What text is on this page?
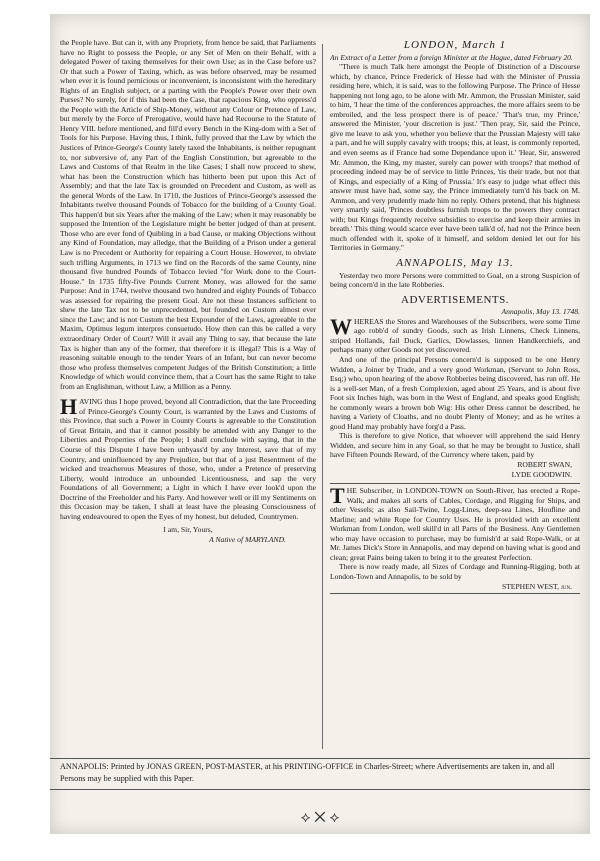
the People have. But can it, with any Propriety, from hence be said, that Parliaments have no Right to possess the People, or any Set of Men on their Behalf, with a delegated Power of taxing themselves for their own Use; as in the Case before us? Or that such a Power of Taxing, which, as was before observed, may be resumed when ever it is found pernicious or inconvenient, is inconsistent with the hereditary Rights of an English subject, or a parting with the People's Power over their own Purses? No surely, for if this had been the Case, that rapacious King, who oppress'd the People with the Article of Ship-Money, without any Colour or Pretence of Law, but merely by the Force of Prerogative, would have had Recourse to the Statute of Henry VIII. before mentioned, and fill'd every Bench in the King-dom with a Set of Tools for his Purpose. Having thus, I think, fully proved that the Law by which the Justices of Prince-George's County lately taxed the Inhabitants, is neither repugnant to, nor subversive of, any Part of the English Constitution, but agreeable to the Laws and Customs of that Realm in the like Cases; I shall now proceed to shew, what has been the Construction which has hitherto been put upon this Act of Assembly; and that the late Tax is grounded on Precedent and Custom, as well as the general Words of the Law. In 1710, the Justices of Prince-George's assessed the Inhabitants twelve thousand Pounds of Tobacco for the building of a County Goal. This happen'd but six Years after the making of the Law; when it may reasonably be supposed the Intention of the Legislature might be better judged of than at present. Those who are ever fond of Quibling in a bad Cause, or making Objections without any Kind of Foundation, may alledge, that the Building of a Prison under a general Law is no Precedent or Authority for repairing a Court House. However, to obviate such trifling Arguments, in 1713 we find on the Records of the same County, nine thousand five hundred Pounds of Tobacco levied "for Work done to the Court-House." In 1735 fifty-five Pounds Current Money, was allowed for the same Purpose: And in 1744, twelve thousand two hundred and eighty Pounds of Tobacco was assessed for repairing the present Goal. Are not these Instances sufficient to shew the late Tax not to be unprecedented, but founded on Custom almost ever since the Law; and is not Custom the best Expounder of the Laws, agreeable to the Maxim, Optimus legum interpres consuetudo. How then can this be called a very extraordinary Order of Court? Will it avail any Thing to say, that because the late Tax is higher than any of the former, that therefore it is illegal? This is a Way of reasoning suitable enough to the tender Years of an Infant, but can never become those who profess themselves competent Judges of the British Constitution; a little Knowledge of which would convince them, that a Court has the same Right to take from an Englishman, without Law, a Million as a Penny.

HAVING thus I hope proved, beyond all Contradiction, that the late Proceeding of Prince-George's County Court, is warranted by the Laws and Customs of this Province, that such a Power in County Courts is agreeable to the Constitution of Great Britain, and that it cannot possibly be attended with any Danger to the Liberties and Properties of the People; I shall conclude with saying, that in the Course of this Dispute I have been unbyass'd by any Interest, save that of my Country, and uninfluenced by any Prejudice, but that of a just Resentment of the wicked and treacherous Measures of those, who, under a Pretence of preserving Liberty, would introduce an unbounded Licentiousness, and sap the very Foundations of all Government; a Light in which I have ever look'd upon the Doctrine of the Freeholder and his Party. And however well or ill my Sentiments on this Occasion may be taken, I shall at least have the pleasing Consciousness of having endeavoured to open the Eyes of my honest, but deluded, Countrymen.

I am, Sir, Yours,
A Native of MARYLAND.
LONDON, March 1

An Extract of a Letter from a foreign Minister at the Hague, dated February 20.

"There is much Talk here amongst the People of Distinction of a Discourse which, by chance, Prince Frederick of Hesse had with the Minister of Prussia residing here, which, it is said, was to the following Purpose. The Prince of Hesse happening not long ago, to be alone with Mr. Ammon, the Prussian Minister, said to him, 'I hear the time of the conferences approaches, the more affairs seem to be embroiled, and the less prospect there is of peace.' 'That's true, my Prince,' answered the Minister, 'your discretion is just.' 'Then pray, Sir, said the Prince, give me leave to ask you, whether you believe that the Prussian Majesty will take a part, and he will supply cavalry with troops; this, at least, is commonly reported, and even seems as if France had some Dependance upon it.' 'Hear, Sir, answered Mr. Ammon, the King, my master, surely can power with troops? that method of proceeding indeed may be of service to little Princes, 'tis their trade, but not that of Kings, and especially of a King of Prussia.' It's easy to judge what effect this answer must have had, some say, the Prince immediately turn'd his back on M. Ammon, and very prudently made him no reply. Others pretend, that his highness very smartly said, 'Princes doubtless furnish troops to the powers they contract with; but Kings frequently receive subsidies to exercise and keep their armies in breath.' This thing would scarce ever have been talk'd of, had not the Prince been much offended with it, spoke of it himself, and seldom denied let out for his Territories in Germany."

ANNAPOLIS, May 13.

Yesterday two more Persons were committed to Goal, on a strong Suspicion of being concern'd in the late Robberies.

ADVERTISEMENTS.
Annapolis, May 13. 1748.

WHEREAS the Stores and Warehouses of the Subscribers, were some Time ago robb'd of sundry Goods, such as Irish Linnens, Check Linnens, striped Hollands, fail Duck, Garlics, Dowlasses, linnen Handkerchiefs, and perhaps many other Goods not yet discovered.

And one of the principal Persons concern'd is supposed to be one Henry Widden, a Joiner by Trade, and a very good Workman, (Servant to John Ross, Esq;) who, upon hearing of the above Robberies being discovered, has run off. He is a well-set Man, of a fresh Complexion, aged about 25 Years, and is about five Foot six Inches high, was born in the West of England, and speaks good English; he commonly wears a brown bob Wig: His other Dress cannot be described, he having a Variety of Cloaths, and no doubt Plenty of Money; and as he writes a good Hand may probably have forg'd a Pass.

This is therefore to give Notice, that whoever will apprehend the said Henry Widden, and secure him in any Goal, so that he may be brought to Justice, shall have Fifteen Pounds Reward, of the Currency where taken, paid by

ROBERT SWAN,
LYDE GOODWIN.

THE Subscriber, in LONDON-TOWN on South-River, has erected a Rope-Walk, and makes all sorts of Cables, Cordage, and Rigging for Ships, and other Vessels; as also Sail-Twine, Logg-Lines, deep-sea Lines, Houfline and Marline; and white Rope for Country Uses. He is provided with an excellent Workman from London, well skill'd in all Parts of the Business. Any Gentlemen who may have occasion to purchase, may be furnish'd at said Rope-Walk, or at Mr. James Dick's Store in Annapolis, and may depend on having what is good and clean; great Pains being taken to bring it to the greatest Perfection.

There is now ready made, all Sizes of Cordage and Running-Rigging, both at London-Town and Annapolis, to be sold by

STEPHEN WEST, jun.

ANNAPOLIS: Printed by JONAS GREEN, POST-MASTER, at his PRINTING-OFFICE in Charles-Street; where Advertisements are taken in, and all Persons may be supplied with this Paper.

⟡ ✕ ⟡
